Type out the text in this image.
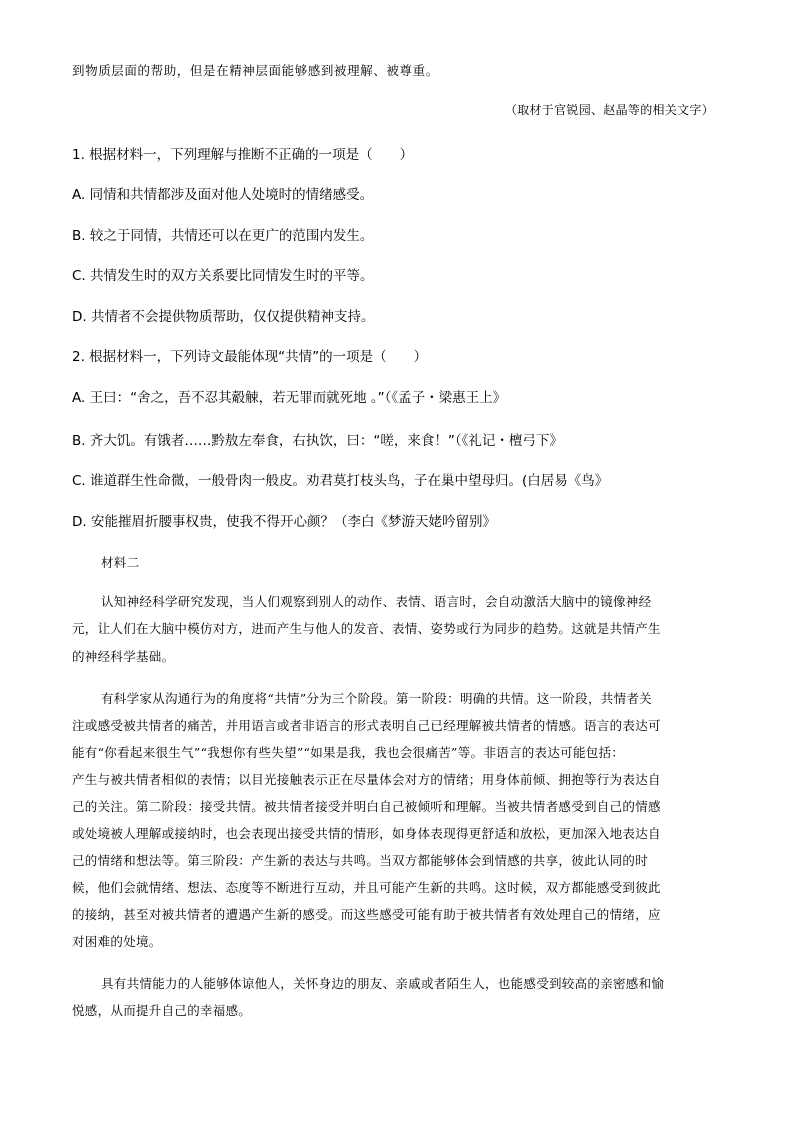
到物质层面的帮助，但是在精神层面能够感到被理解、被尊重。
（取材于官锐园、赵晶等的相关文字）
1. 根据材料一，下列理解与推断不正确的一项是（　　）
A. 同情和共情都涉及面对他人处境时的情绪感受。
B. 较之于同情，共情还可以在更广的范围内发生。
C. 共情发生时的双方关系要比同情发生时的平等。
D. 共情者不会提供物质帮助，仅仅提供精神支持。
2. 根据材料一，下列诗文最能体现“共情”的一项是（　　）
A. 王曰：“舍之，吾不忍其觳觫，若无罪而就死地 。”（《孟子・梁惠王上》
B. 齐大饥。有饿者……黔敖左奉食，右执饮，曰：“嗟，来食！”（《礼记・檀弓下》
C. 谁道群生性命微，一般骨肉一般皮。劝君莫打枝头鸟，子在巢中望母归。(白居易《鸟》
D. 安能摧眉折腰事权贵，使我不得开心颜？（李白《梦游天姥吟留别》
材料二
认知神经科学研究发现，当人们观察到别人的动作、表情、语言时，会自动激活大脑中的镜像神经
元，让人们在大脑中模仿对方，进而产生与他人的发音、表情、姿势或行为同步的趋势。这就是共情产生
的神经科学基础。
有科学家从沟通行为的角度将“共情”分为三个阶段。第一阶段：明确的共情。这一阶段，共情者关
注或感受被共情者的痛苦，并用语言或者非语言的形式表明自己已经理解被共情者的情感。语言的表达可
能有“你看起来很生气”“我想你有些失望”“如果是我，我也会很痛苦”等。非语言的表达可能包括：
产生与被共情者相似的表情；以目光接触表示正在尽量体会对方的情绪；用身体前倾、拥抱等行为表达自
己的关注。第二阶段：接受共情。被共情者接受并明白自己被倾听和理解。当被共情者感受到自己的情感
或处境被人理解或接纳时，也会表现出接受共情的情形，如身体表现得更舒适和放松，更加深入地表达自
己的情绪和想法等。第三阶段：产生新的表达与共鸣。当双方都能够体会到情感的共享，彼此认同的时
候，他们会就情绪、想法、态度等不断进行互动，并且可能产生新的共鸣。这时候，双方都能感受到彼此
的接纳，甚至对被共情者的遭遇产生新的感受。而这些感受可能有助于被共情者有效处理自己的情绪，应
对困难的处境。
具有共情能力的人能够体谅他人，关怀身边的朋友、亲戚或者陌生人，也能感受到较高的亲密感和愉
悦感，从而提升自己的幸福感。
